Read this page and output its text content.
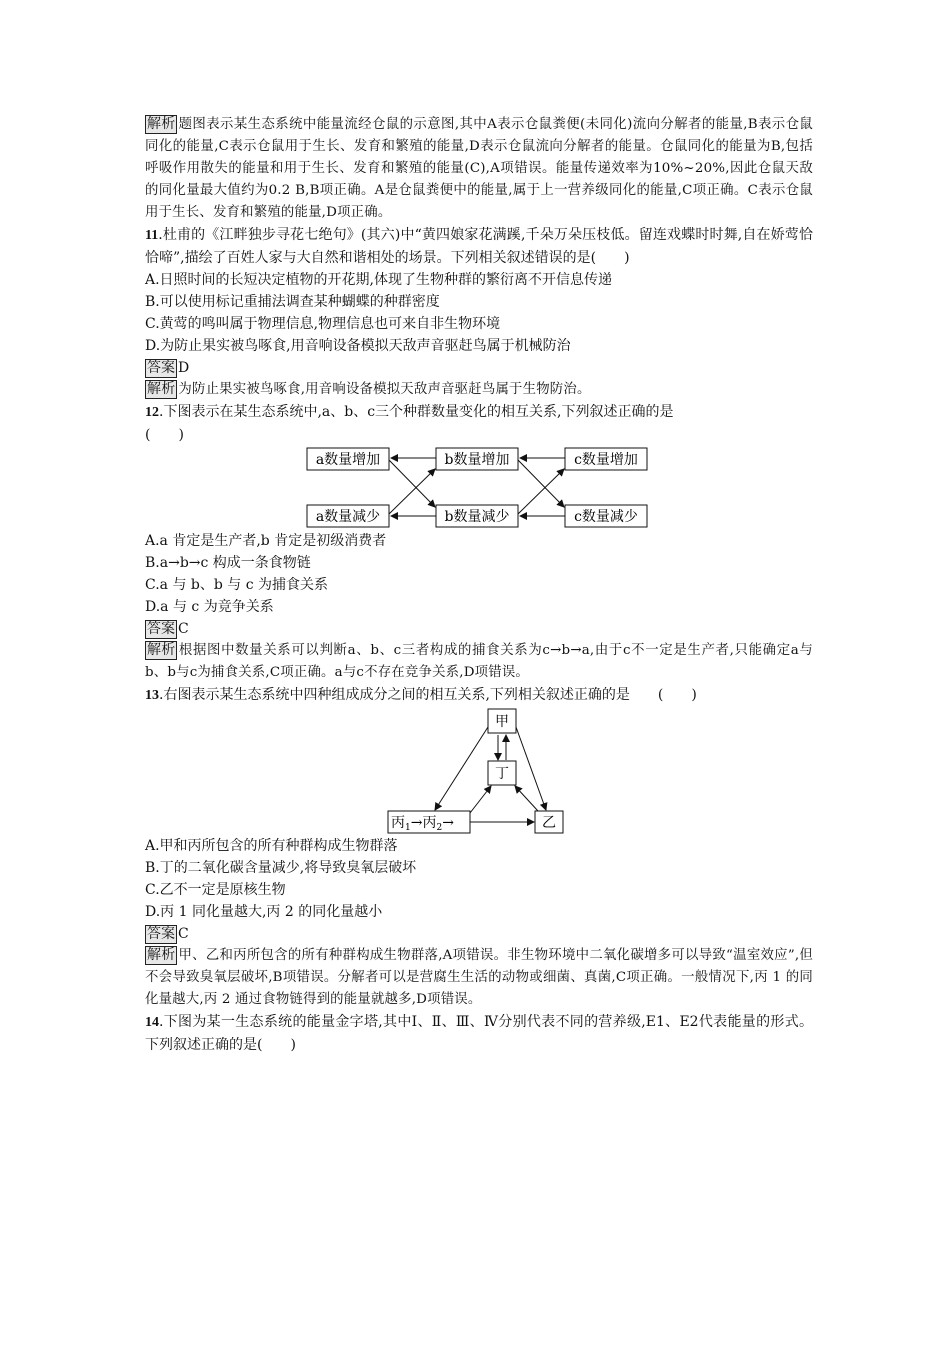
解析 题图表示某生态系统中能量流经仓鼠的示意图,其中A表示仓鼠粪便(未同化)流向分解者的能量,B表示仓鼠同化的能量,C表示仓鼠用于生长、发育和繁殖的能量,D表示仓鼠流向分解者的能量。仓鼠同化的能量为B,包括呼吸作用散失的能量和用于生长、发育和繁殖的能量(C),A项错误。能量传递效率为10%~20%,因此仓鼠天敌的同化量最大值约为0.2 B,B项正确。A是仓鼠粪便中的能量,属于上一营养级同化的能量,C项正确。C表示仓鼠用于生长、发育和繁殖的能量,D项正确。

11.杜甫的《江畔独步寻花七绝句》(其六)中“黄四娘家花满蹊,千朵万朵压枝低。留连戏蝶时时舞,自在娇莺恰恰啼”,描绘了百姓人家与大自然和谐相处的场景。下列相关叙述错误的是(　　)

A.日照时间的长短决定植物的开花期,体现了生物种群的繁衍离不开信息传递

B.可以使用标记重捕法调查某种蝴蝶的种群密度

C.黄莺的鸣叫属于物理信息,物理信息也可来自非生物环境

D.为防止果实被鸟啄食,用音响设备模拟天敌声音驱赶鸟属于机械防治

答案 D

解析 为防止果实被鸟啄食,用音响设备模拟天敌声音驱赶鸟属于生物防治。

12.下图表示在某生态系统中,a、b、c三个种群数量变化的相互关系,下列叙述正确的是
(　　)

a数量增加	b数量增加	c数量增加
a数量减少	b数量减少	c数量减少

A.a 肯定是生产者,b 肯定是初级消费者

B.a→b→c 构成一条食物链

C.a 与 b、b 与 c 为捕食关系

D.a 与 c 为竞争关系

答案 C

解析 根据图中数量关系可以判断a、b、c三者构成的捕食关系为c→b→a,由于c不一定是生产者,只能确定a与b、b与c为捕食关系,C项正确。a与c不存在竞争关系,D项错误。

13.右图表示某生态系统中四种组成成分之间的相互关系,下列相关叙述正确的是　　(　　)

甲
丁
乙
丙$_1$→丙$_2$→

A.甲和丙所包含的所有种群构成生物群落

B.丁的二氧化碳含量减少,将导致臭氧层破坏

C.乙不一定是原核生物

D.丙 1 同化量越大,丙 2 的同化量越小

答案 C

解析 甲、乙和丙所包含的所有种群构成生物群落,A项错误。非生物环境中二氧化碳增多可以导致“温室效应”,但不会导致臭氧层破坏,B项错误。分解者可以是营腐生生活的动物或细菌、真菌,C项正确。一般情况下,丙 1 的同化量越大,丙 2 通过食物链得到的能量就越多,D项错误。

14.下图为某一生态系统的能量金字塔,其中Ⅰ、Ⅱ、Ⅲ、Ⅳ分别代表不同的营养级,E1、E2代表能量的形式。下列叙述正确的是(　　)
